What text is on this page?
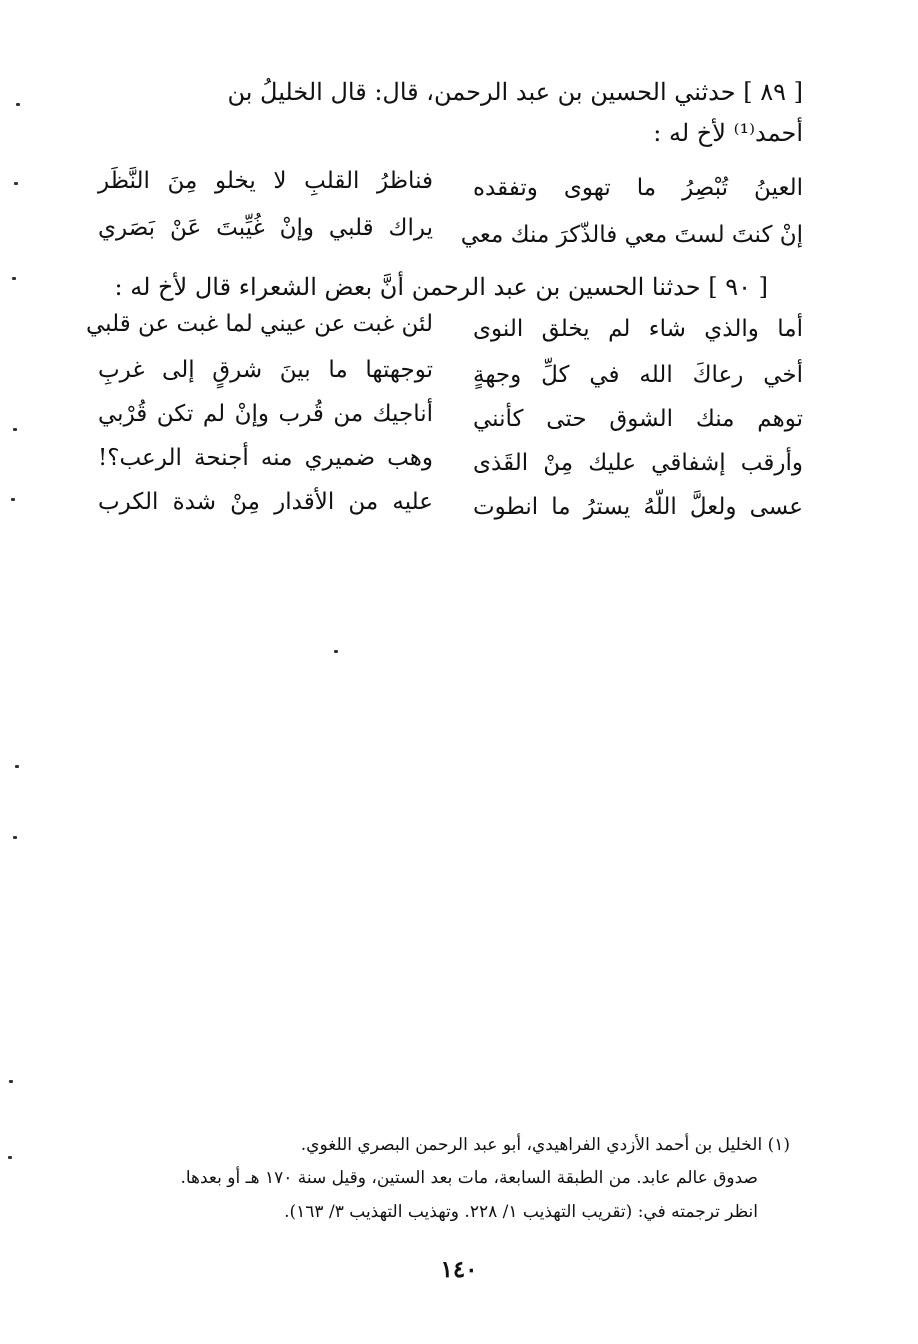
[ ٨٩ ] حدثني الحسين بن عبد الرحمن، قال: قال الخليلُ بن
أحمد⁽¹⁾ لأخ له :
العينُ تُبْصِرُ ما تهوى وتفقده
فناظرُ القلبِ لا يخلو مِنَ النَّظَر
إنْ كنتَ لستَ معي فالذّكرَ منك معي
يراك قلبي وإنْ غُيِّبتَ عَنْ بَصَري
[ ٩٠ ] حدثنا الحسين بن عبد الرحمن أنَّ بعض الشعراء قال لأخ له :
أما والذي شاء لم يخلق النوى
لئن غبت عن عيني لما غبت عن قلبي
أخي رعاكَ الله في كلِّ وجهةٍ
توجهتها ما بينَ شرقٍ إلى غربِ
توهم منك الشوق حتى كأنني
أناجيك من قُرب وإنْ لم تكن قُرْبي
وأرقب إشفاقي عليك مِنْ القَذى
وهب ضميري منه أجنحة الرعب؟!
عسى ولعلَّ اللّهُ يسترُ ما انطوت
عليه من الأقدار مِنْ شدة الكرب
(١) الخليل بن أحمد الأزدي الفراهيدي، أبو عبد الرحمن البصري اللغوي.
صدوق عالم عابد. من الطبقة السابعة، مات بعد الستين، وقيل سنة ١٧٠ هـ أو بعدها.
انظر ترجمته في: (تقريب التهذيب ١/ ٢٢٨. وتهذيب التهذيب ٣/ ١٦٣).
١٤٠
